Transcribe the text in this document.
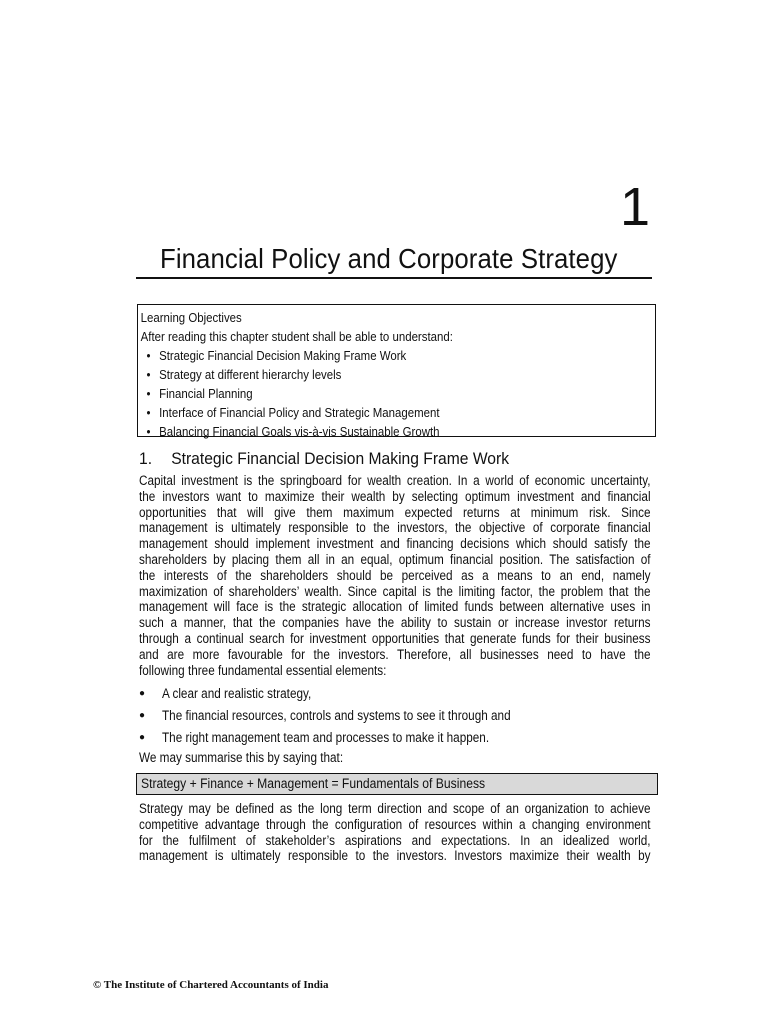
1
Financial Policy and Corporate Strategy
Learning Objectives
After reading this chapter student shall be able to understand:
• Strategic Financial Decision Making Frame Work
• Strategy at different hierarchy levels
• Financial Planning
• Interface of Financial Policy and Strategic Management
• Balancing Financial Goals vis-à-vis Sustainable Growth
1. Strategic Financial Decision Making Frame Work
Capital investment is the springboard for wealth creation. In a world of economic uncertainty,
the investors want to maximize their wealth by selecting optimum investment and financial
opportunities that will give them maximum expected returns at minimum risk. Since
management is ultimately responsible to the investors, the objective of corporate financial
management should implement investment and financing decisions which should satisfy the
shareholders by placing them all in an equal, optimum financial position. The satisfaction of
the interests of the shareholders should be perceived as a means to an end, namely
maximization of shareholders’ wealth. Since capital is the limiting factor, the problem that the
management will face is the strategic allocation of limited funds between alternative uses in
such a manner, that the companies have the ability to sustain or increase investor returns
through a continual search for investment opportunities that generate funds for their business
and are more favourable for the investors. Therefore, all businesses need to have the
following three fundamental essential elements:
● A clear and realistic strategy,
● The financial resources, controls and systems to see it through and
● The right management team and processes to make it happen.
We may summarise this by saying that:
Strategy + Finance + Management = Fundamentals of Business
Strategy may be defined as the long term direction and scope of an organization to achieve
competitive advantage through the configuration of resources within a changing environment
for the fulfilment of stakeholder’s aspirations and expectations. In an idealized world,
management is ultimately responsible to the investors. Investors maximize their wealth by
© The Institute of Chartered Accountants of India
